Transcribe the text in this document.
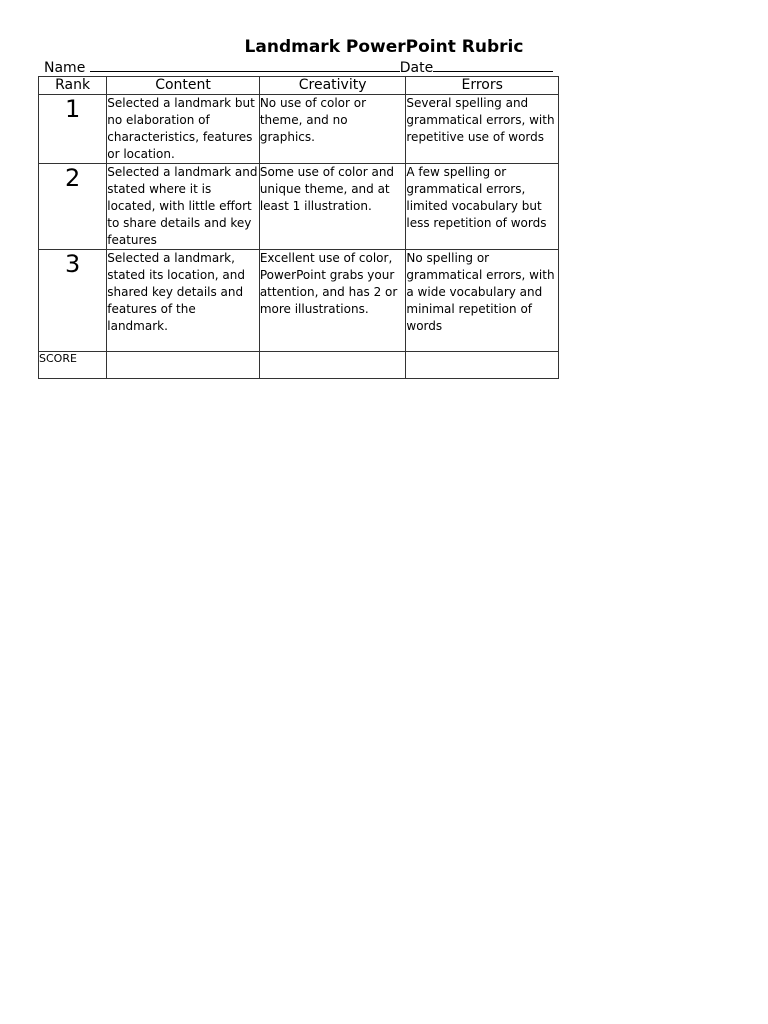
Landmark PowerPoint Rubric
Name	Date
Rank	Content	Creativity	Errors
1	Selected a landmark but no elaboration of characteristics, features or location.	No use of color or theme, and no graphics.	Several spelling and grammatical errors, with repetitive use of words
2	Selected a landmark and stated where it is located, with little effort to share details and key features	Some use of color and unique theme, and at least 1 illustration.	A few spelling or grammatical errors, limited vocabulary but less repetition of words
3	Selected a landmark, stated its location, and shared key details and features of the landmark.	Excellent use of color, PowerPoint grabs your attention, and has 2 or more illustrations.	No spelling or grammatical errors, with a wide vocabulary and minimal repetition of words
SCORE			
